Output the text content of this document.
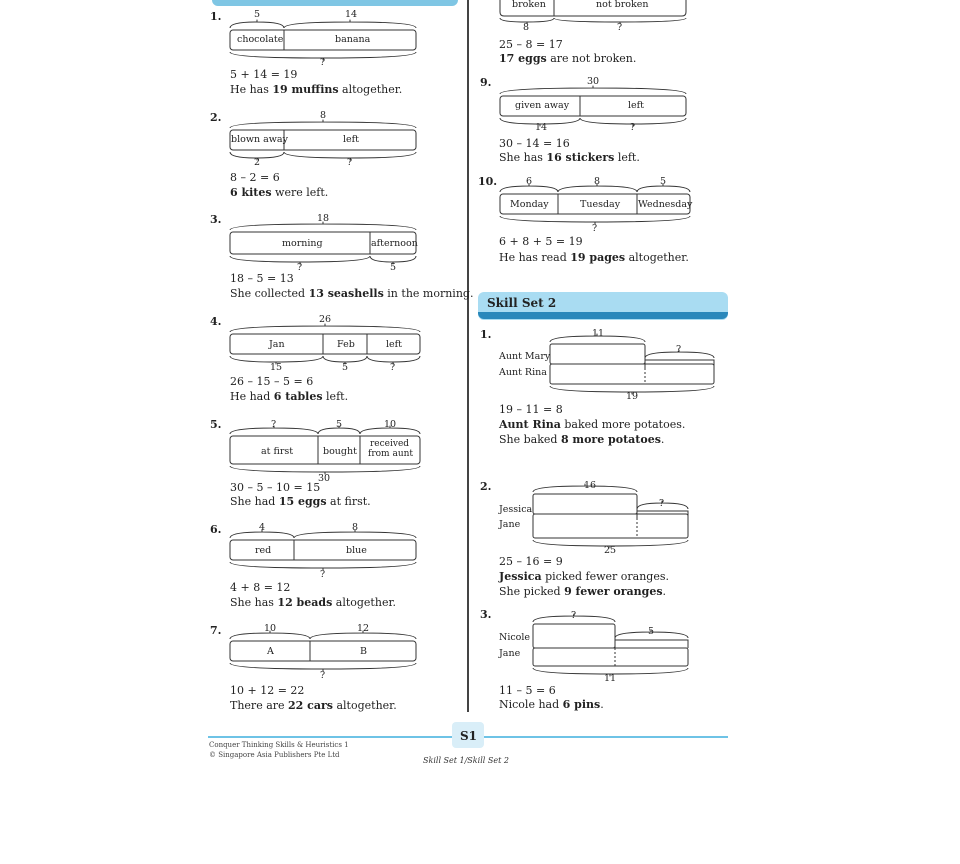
1.	5	14
chocolate	banana
?
5 + 14 = 19
He has 19 muffins altogether.
2.	8
blown away	left
2	?
8 – 2 = 6
6 kites were left.
3.	18
morning	afternoon
?	5
18 – 5 = 13
She collected 13 seashells in the morning.
4.	26
Jan	Feb	left
15	5	?
26 – 15 – 5 = 6
He had 6 tables left.
5.	?	5	10
at first	bought
received
from aunt
30
30 – 5 – 10 = 15
She had 15 eggs at first.
6.	4	8
red	blue
?
4 + 8 = 12
She has 12 beads altogether.
7.	10	12
A	B
?
10 + 12 = 22
There are 22 cars altogether.
broken	not broken
8	?
25 – 8 = 17
17 eggs are not broken.
9.	30
given away	left
14	?
30 – 14 = 16
She has 16 stickers left.
10.	6	8	5
Monday	Tuesday Wednesday
?
6 + 8 + 5 = 19
He has read 19 pages altogether.
Skill Set 2
1.	11
?
Aunt Mary
Aunt Rina
19
19 – 11 = 8
Aunt Rina baked more potatoes.
She baked 8 more potatoes.
2.	16
?
Jessica
Jane
25
25 – 16 = 9
Jessica picked fewer oranges.
She picked 9 fewer oranges.
3.	?
5
Nicole
Jane
11
11 – 5 = 6
Nicole had 6 pins.
S1
Conquer Thinking Skills & Heuristics 1
© Singapore Asia Publishers Pte Ltd
Skill Set 1/Skill Set 2
